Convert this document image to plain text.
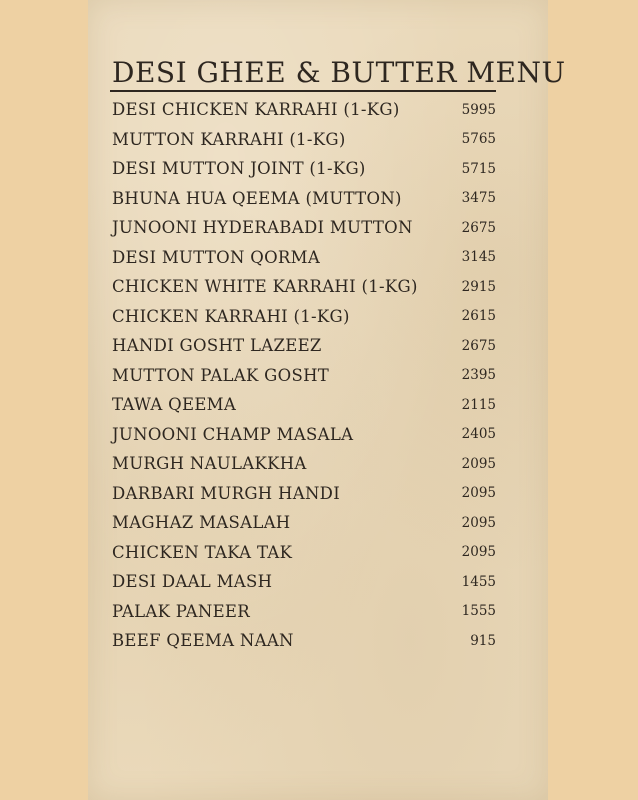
DESI GHEE & BUTTER MENU
DESI CHICKEN KARRAHI (1-KG)	5995
MUTTON KARRAHI (1-KG)	5765
DESI MUTTON JOINT (1-KG)	5715
BHUNA HUA QEEMA (MUTTON)	3475
JUNOONI HYDERABADI MUTTON	2675
DESI MUTTON QORMA	3145
CHICKEN WHITE KARRAHI (1-KG)	2915
CHICKEN KARRAHI (1-KG)	2615
HANDI GOSHT LAZEEZ	2675
MUTTON PALAK GOSHT	2395
TAWA QEEMA	2115
JUNOONI CHAMP MASALA	2405
MURGH NAULAKKHA	2095
DARBARI MURGH HANDI	2095
MAGHAZ MASALAH	2095
CHICKEN TAKA TAK	2095
DESI DAAL MASH	1455
PALAK PANEER	1555
BEEF QEEMA NAAN	915
